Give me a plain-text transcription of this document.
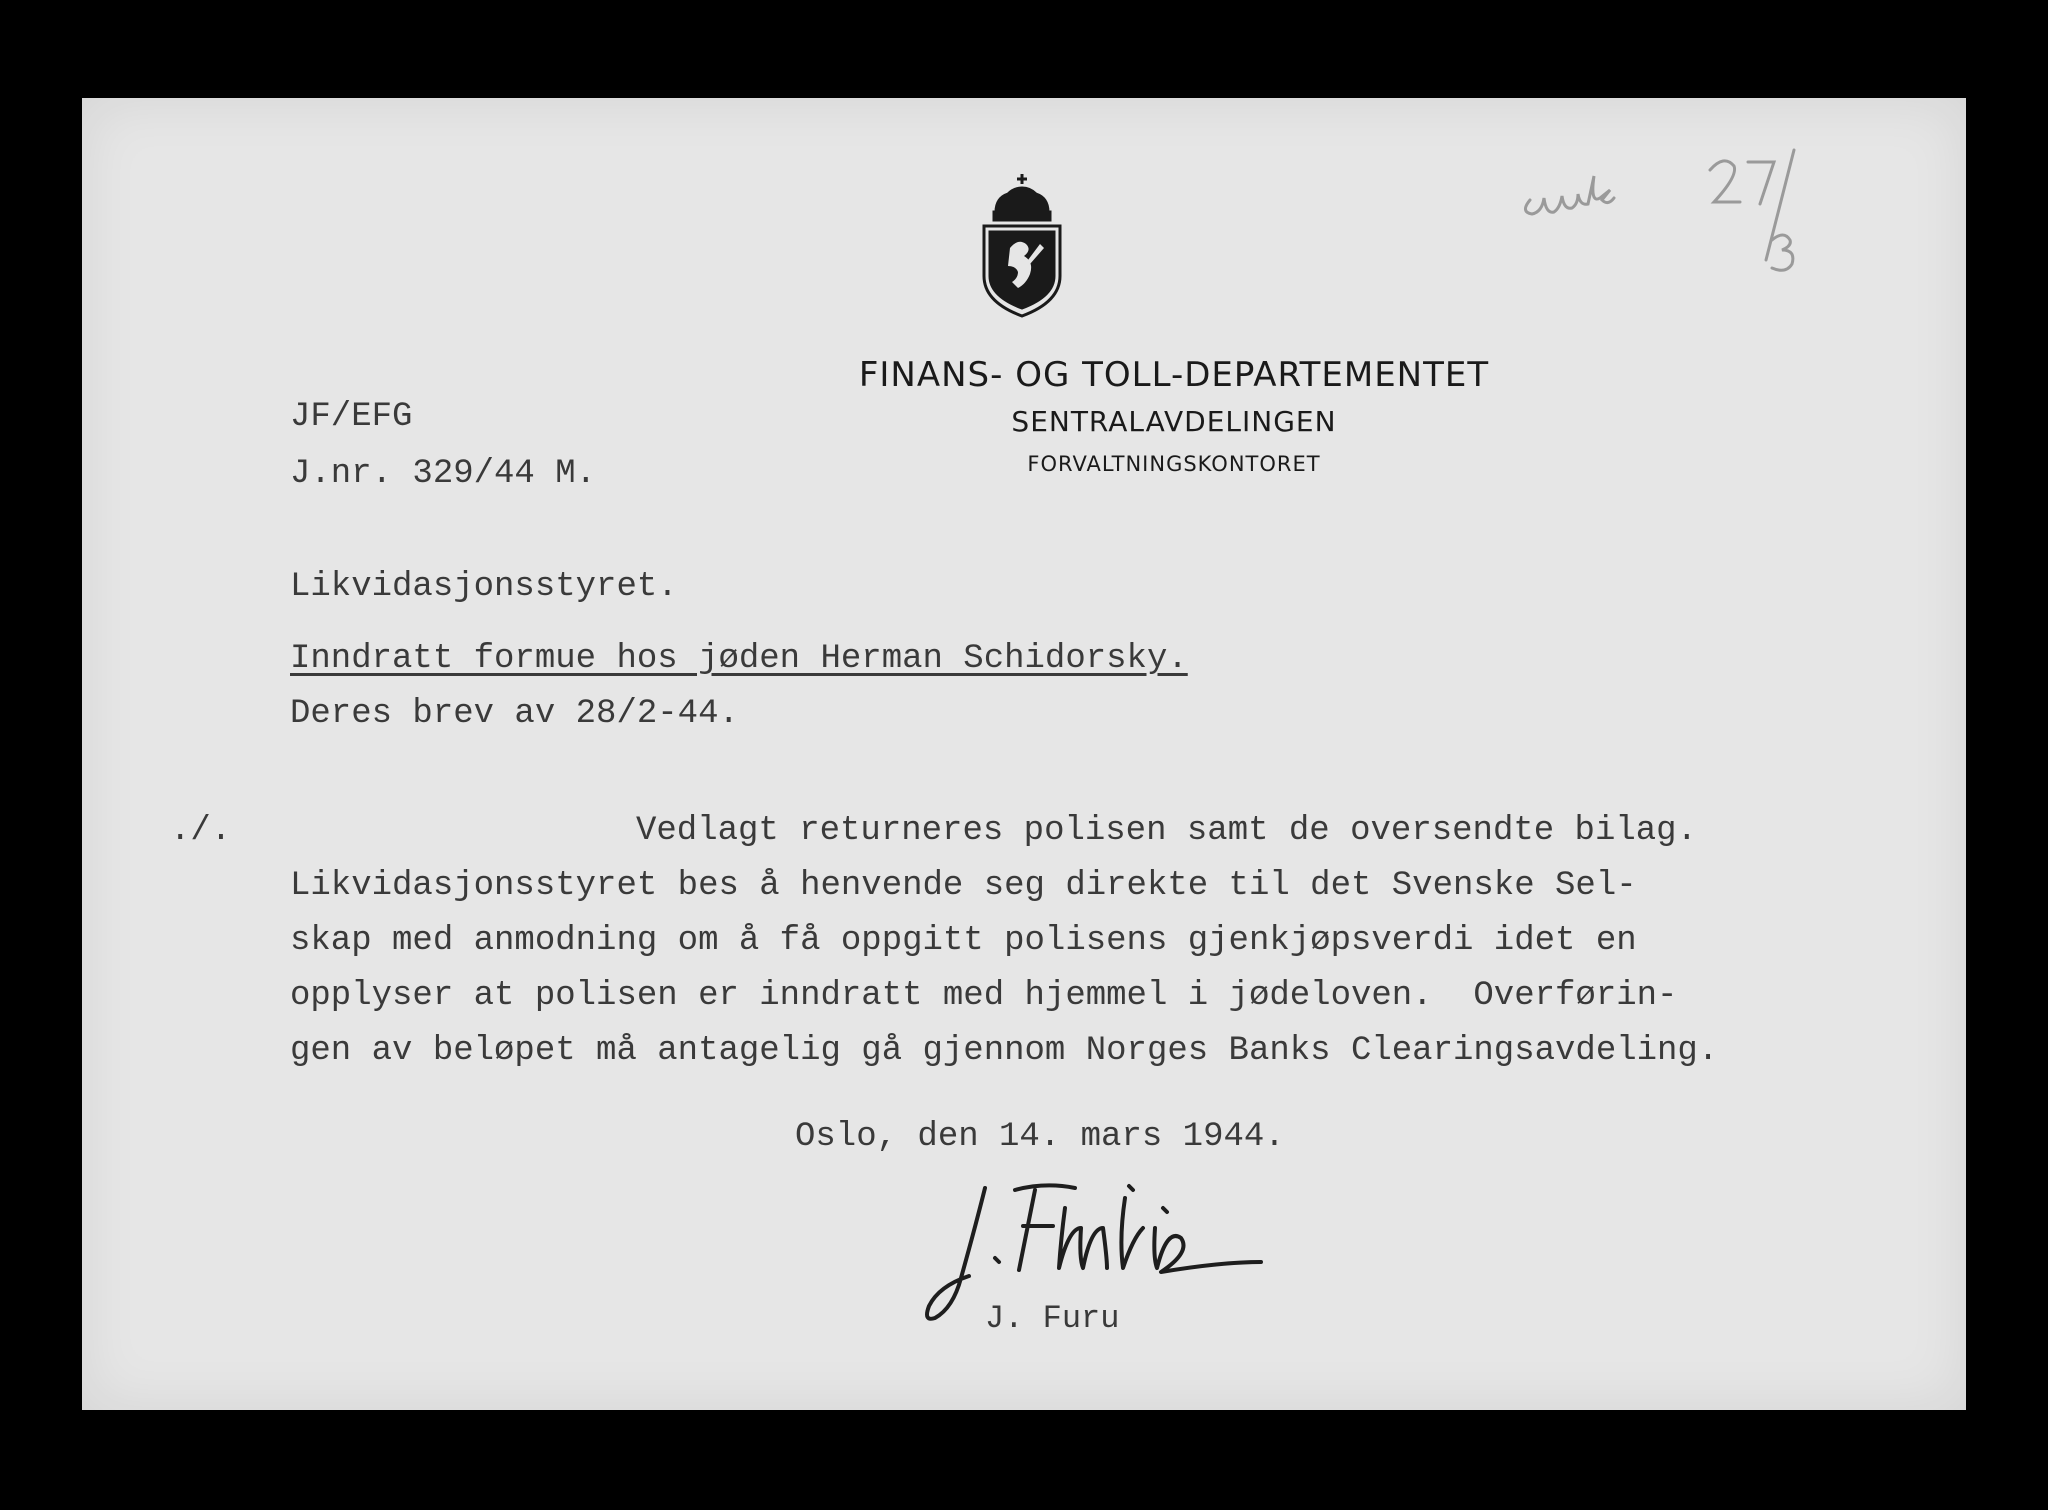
FINANS- OG TOLL-DEPARTEMENTET
SENTRALAVDELINGEN
FORVALTNINGSKONTORET
JF/EFG
J.nr. 329/44 M.
Likvidasjonsstyret.
Inndratt formue hos jøden Herman Schidorsky.
Deres brev av 28/2-44.
./.	Vedlagt returneres polisen samt de oversendte bilag.
Likvidasjonsstyret bes å henvende seg direkte til det Svenske Sel-
skap med anmodning om å få oppgitt polisens gjenkjøpsverdi idet en
opplyser at polisen er inndratt med hjemmel i jødeloven.  Overførin-
gen av beløpet må antagelig gå gjennom Norges Banks Clearingsavdeling.
Oslo, den 14. mars 1944.
J. Furu
